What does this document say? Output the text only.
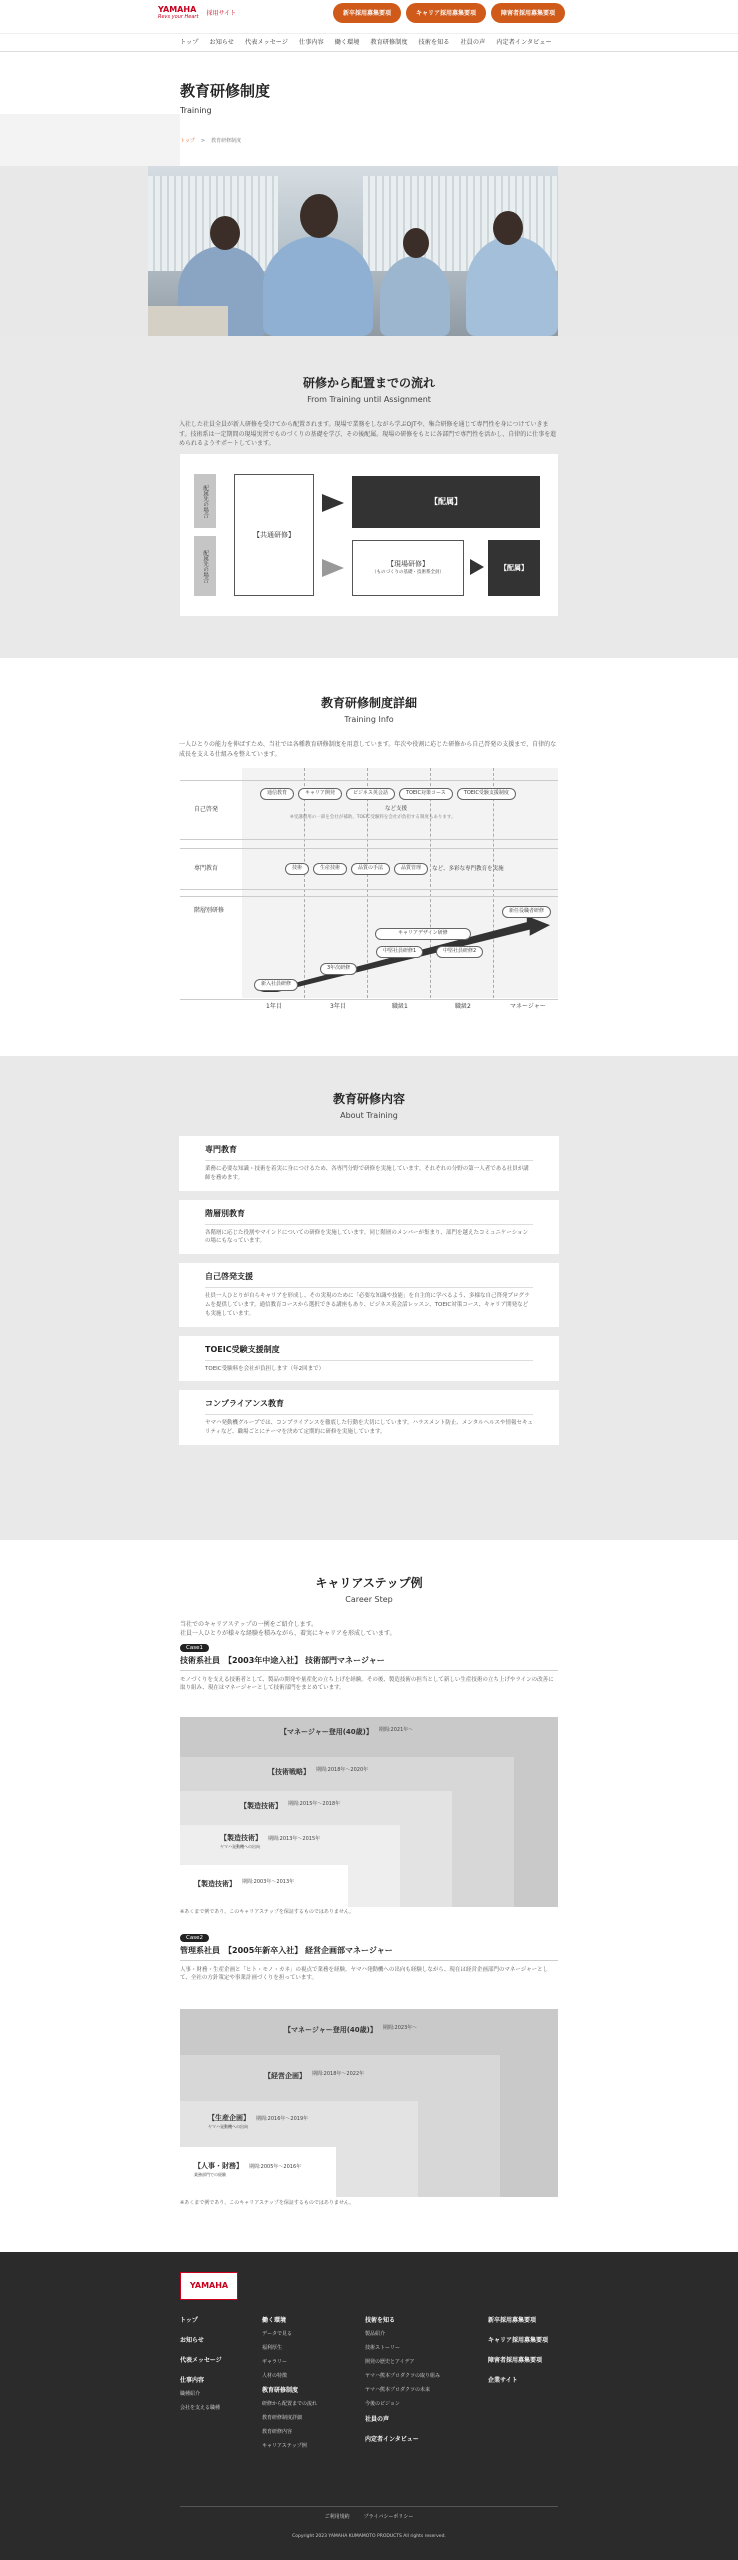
YAMAHA
Revs your Heart 採用サイト	新卒採用募集要項	キャリア採用募集要項	障害者採用募集要項
トップ お知らせ 代表メッセージ 仕事内容 働く環境 教育研修制度 技術を知る 社員の声 内定者インタビュー
教育研修制度

Training

トップ > 教育研修制度
研修から配置までの流れ
From Training until Assignment

入社した社員全員が新人研修を受けてから配置されます。現場で業務をしながら学ぶOJTや、集合研修を通じて専門性を身につけていきます。技術系は一定期間の現場実習でものづくりの基礎を学び、その後配属。現場の研修をもとに各部門で専門性を活かし、自律的に仕事を進められるようサポートしています。

配属先の場合
配属先の場合
【共通研修】
【配属】
【現場研修】
（ものづくりの基礎・技術系全員）
【配属】
教育研修制度詳細
Training Info

一人ひとりの能力を伸ばすため、当社では各種教育研修制度を用意しています。年次や役割に応じた研修から自己啓発の支援まで、自律的な成長を支える仕組みを整えています。

自己啓発
通信教育	キャリア開発	ビジネス英会話	TOEIC対策コース	TOEIC受験支援制度
など支援
※受講費用の一部を会社が補助、TOEIC受験料を会社が負担する制度もあります。
専門教育	技術	生産技術	品質の手法	品質管理	など、多彩な専門教育を実施
階層別研修
新入社員研修
3年次研修
中堅社員研修1
キャリアデザイン研修
中堅社員研修2
新任役職者研修
1年目	3年目	職級1	職級2	マネージャー
教育研修内容
About Training
専門教育

業務に必要な知識・技術を着実に身につけるため、各専門分野で研修を実施しています。それぞれの分野の第一人者である社員が講師を務めます。

階層別教育

各階層に応じた役割やマインドについての研修を実施しています。同じ階層のメンバーが集まり、部門を越えたコミュニケーションの場にもなっています。

自己啓発支援

社員一人ひとりが自らキャリアを形成し、その実現のために「必要な知識や技能」を自主的に学べるよう、多様な自己啓発プログラムを提供しています。通信教育コースから選択できる講座もあり、ビジネス英会話レッスン、TOEIC対策コース、キャリア開発なども実施しています。

TOEIC受験支援制度

TOEIC受験料を会社が負担します（年2回まで）

コンプライアンス教育

ヤマハ発動機グループでは、コンプライアンスを徹底した行動を大切にしています。ハラスメント防止、メンタルヘルスや情報セキュリティなど、職場ごとにテーマを決めて定期的に研修を実施しています。

キャリアステップ例
Career Step

当社でのキャリアステップの一例をご紹介します。
社員一人ひとりが様々な経験を積みながら、着実にキャリアを形成しています。

Case1
技術系社員　【2003年中途入社】 技術部門マネージャー

モノづくりを支える技術者として、製品の開発や量産化の立ち上げを経験。その後、製造技術の担当として新しい生産技術の立ち上げやラインの改善に取り組み、現在はマネージャーとして技術部門をまとめています。

【マネージャー登用(40歳)】 期間:2021年〜
【技術戦略】 期間:2018年〜2020年
【製造技術】 期間:2015年〜2018年
【製造技術】 期間:2013年〜2015年
ヤマハ発動機への出向
【製造技術】 期間:2003年〜2013年

※あくまで例であり、このキャリアステップを保証するものではありません。

Case2
管理系社員　【2005年新卒入社】 経営企画部マネージャー

人事・財務・生産企画と「ヒト・モノ・カネ」の視点で業務を経験。ヤマハ発動機への出向も経験しながら、現在は経営企画部門のマネージャーとして、全社の方針策定や事業計画づくりを担っています。

【マネージャー登用(40歳)】 期間:2023年〜
【経営企画】 期間:2018年〜2022年
【生産企画】 期間:2016年〜2019年
ヤマハ発動機への出向
【人事・財務】 期間:2005年〜2016年
業務部門での経験

※あくまで例であり、このキャリアステップを保証するものではありません。

YAMAHA
トップ
お知らせ
代表メッセージ
仕事内容
職種紹介
会社を支える職種
働く環境
データで見る
福利厚生
ギャラリー
人材の特徴
教育研修制度
研修から配置までの流れ
教育研修制度詳細
教育研修内容
キャリアステップ例
技術を知る
製品紹介
技術ストーリー
開発の歴史とアイデア
ヤマハ熊本プロダクツの取り組み
ヤマハ熊本プロダクツの未来
今後のビジョン
社員の声
内定者インタビュー
新卒採用募集要項
キャリア採用募集要項
障害者採用募集要項
企業サイト
ご利用規約	プライバシーポリシー
Copyright 2023 YAMAHA KUMAMOTO PRODUCTS All rights reserved.
